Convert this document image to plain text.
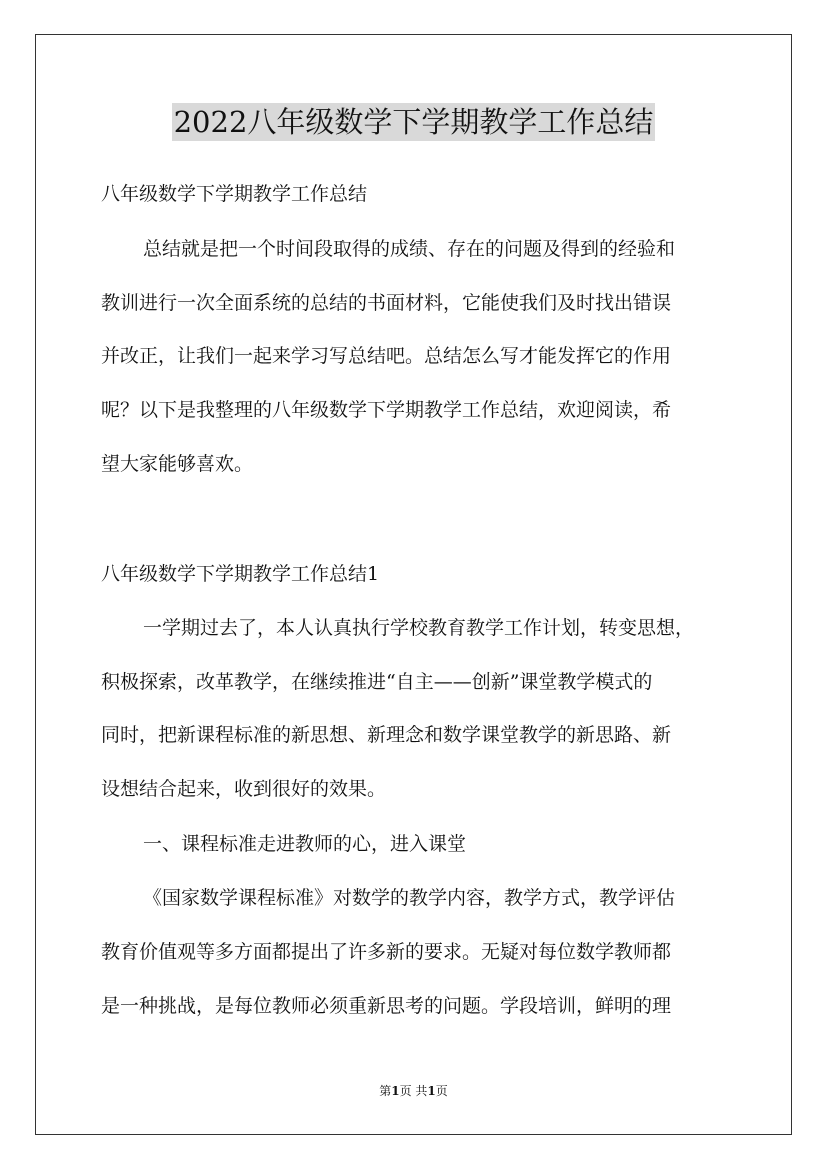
2022八年级数学下学期教学工作总结
八年级数学下学期教学工作总结
总结就是把一个时间段取得的成绩、存在的问题及得到的经验和
教训进行一次全面系统的总结的书面材料，它能使我们及时找出错误
并改正，让我们一起来学习写总结吧。总结怎么写才能发挥它的作用
呢？以下是我整理的八年级数学下学期教学工作总结，欢迎阅读，希
望大家能够喜欢。
八年级数学下学期教学工作总结1
一学期过去了，本人认真执行学校教育教学工作计划，转变思想，
积极探索，改革教学，在继续推进“自主——创新”课堂教学模式的
同时，把新课程标准的新思想、新理念和数学课堂教学的新思路、新
设想结合起来，收到很好的效果。
一、课程标准走进教师的心，进入课堂
《国家数学课程标准》对数学的教学内容，教学方式，教学评估
教育价值观等多方面都提出了许多新的要求。无疑对每位数学教师都
是一种挑战，是每位教师必须重新思考的问题。学段培训，鲜明的理
第1页 共1页
